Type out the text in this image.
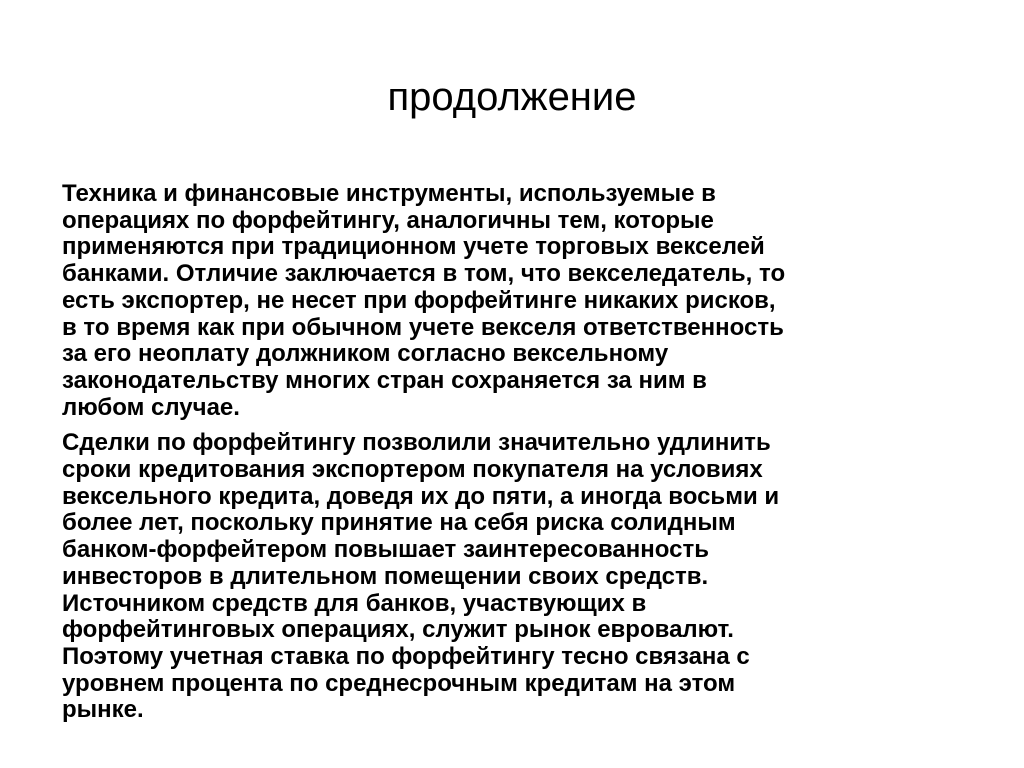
продолжение

Техника и финансовые инструменты, используемые в
операциях по форфейтингу, аналогичны тем, которые
применяются при традиционном учете торговых векселей
банками. Отличие заключается в том, что векселедатель, то
есть экспортер, не несет при форфейтинге никаких рисков,
в то время как при обычном учете векселя ответственность
за его неоплату должником согласно вексельному
законодательству многих стран сохраняется за ним в
любом случае.

Сделки по форфейтингу позволили значительно удлинить
сроки кредитования экспортером покупателя на условиях
вексельного кредита, доведя их до пяти, а иногда восьми и
более лет, поскольку принятие на себя риска солидным
банком-форфейтером повышает заинтересованность
инвесторов в длительном помещении своих средств.
Источником средств для банков, участвующих в
форфейтинговых операциях, служит рынок евровалют.
Поэтому учетная ставка по форфейтингу тесно связана с
уровнем процента по среднесрочным кредитам на этом
рынке.
